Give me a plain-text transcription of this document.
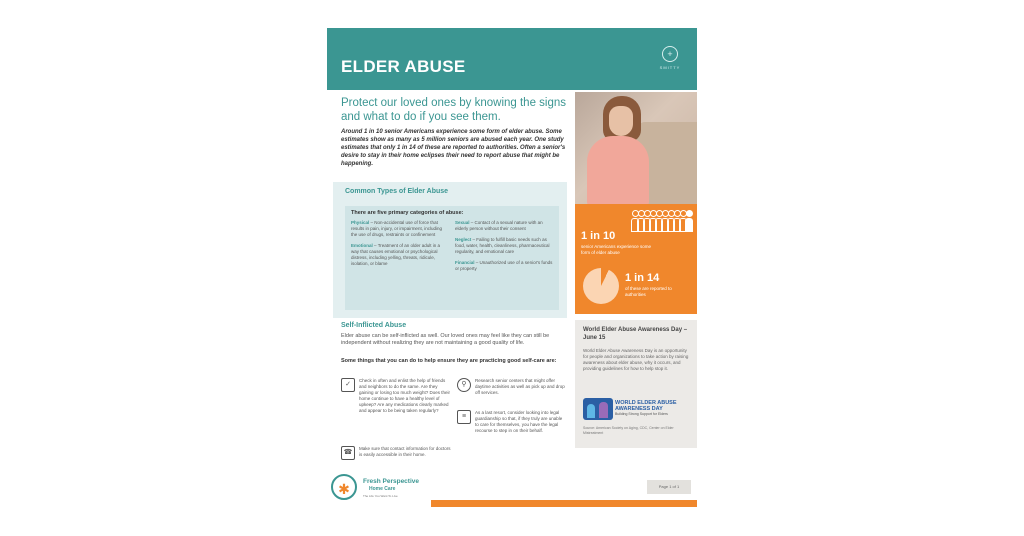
ELDER ABUSE
+
SMITTY
Protect our loved ones by knowing the signs and what to do if you see them.
Around 1 in 10 senior Americans experience some form of elder abuse. Some estimates show as many as 5 million seniors are abused each year. One study estimates that only 1 in 14 of these are reported to authorities. Often a senior's desire to stay in their home eclipses their need to report abuse that might be happening.
1 in 10
senior Americans experience some form of elder abuse
1 in 14
of these are reported to authorities
Common Types of Elder Abuse
There are five primary categories of abuse:

Physical – Non-accidental use of force that results in pain, injury, or impairment, including the use of drugs, restraints or confinement

Emotional – Treatment of an older adult in a way that causes emotional or psychological distress, including yelling, threats, ridicule, isolation, or blame

Sexual – Contact of a sexual nature with an elderly person without their consent

Neglect – Failing to fulfill basic needs such as food, water, health, cleanliness, pharmaceutical regularity, and emotional care

Financial – Unauthorized use of a senior's funds or property

Self-Inflicted Abuse
Elder abuse can be self-inflicted as well. Our loved ones may feel like they can still be independent without realizing they are not maintaining a good quality of life.
Some things that you can do to help ensure they are practicing good self-care are:
✓
Check in often and enlist the help of friends and neighbors to do the same. Are they gaining or losing too much weight? Does their home continue to have a healthy level of upkeep? Are any medications clearly marked and appear to be being taken regularly?
☎
Make sure that contact information for doctors is easily accessible in their home.
⚲
Research senior centers that might offer daytime activities as well as pick up and drop off services.
≡
As a last resort, consider looking into legal guardianship so that, if they truly are unable to care for themselves, you have the legal recourse to step in on their behalf.
World Elder Abuse Awareness Day – June 15
World Elder Abuse Awareness Day is an opportunity for people and organizations to take action by raising awareness about elder abuse, why it occurs, and providing guidelines for how to help stop it.
WORLD ELDER ABUSE AWARENESS DAY
Building Strong Support for Elders
Source: American Society on Aging, CDC, Center on Elder Mistreatment
✱	Fresh Perspective
Home Care
The Life You Want To Live
Page 1 of 1
